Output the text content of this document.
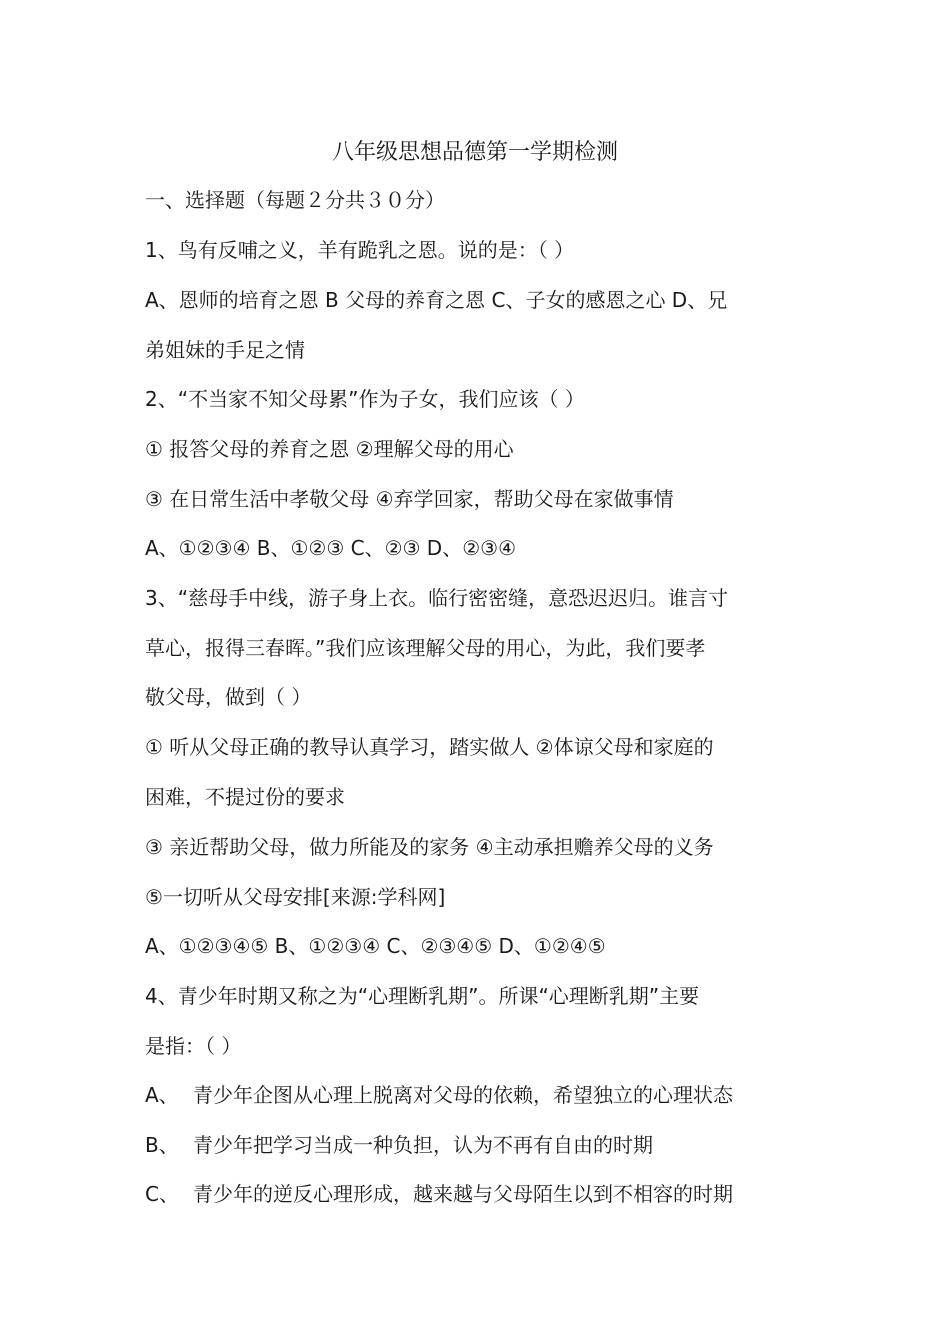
八年级思想品德第一学期检测
一、选择题（每题２分共３０分）
1、鸟有反哺之义，羊有跪乳之恩。说的是：（ ）
A、恩师的培育之恩 B 父母的养育之恩 C、子女的感恩之心 D、兄
弟姐妹的手足之情
2、“不当家不知父母累”作为子女，我们应该（ ）
① 报答父母的养育之恩 ②理解父母的用心
③ 在日常生活中孝敬父母 ④弃学回家，帮助父母在家做事情
A、①②③④ B、①②③ C、②③ D、②③④
3、“慈母手中线，游子身上衣。临行密密缝，意恐迟迟归。谁言寸
草心，报得三春晖。”我们应该理解父母的用心，为此，我们要孝
敬父母，做到（ ）
① 听从父母正确的教导认真学习，踏实做人 ②体谅父母和家庭的
困难，不提过份的要求
③ 亲近帮助父母，做力所能及的家务 ④主动承担赡养父母的义务
⑤一切听从父母安排[来源:学科网]
A、①②③④⑤ B、①②③④ C、②③④⑤ D、①②④⑤
4、青少年时期又称之为“心理断乳期”。所课“心理断乳期”主要
是指：（ ）
A、 青少年企图从心理上脱离对父母的依赖，希望独立的心理状态
B、 青少年把学习当成一种负担，认为不再有自由的时期
C、 青少年的逆反心理形成，越来越与父母陌生以到不相容的时期
